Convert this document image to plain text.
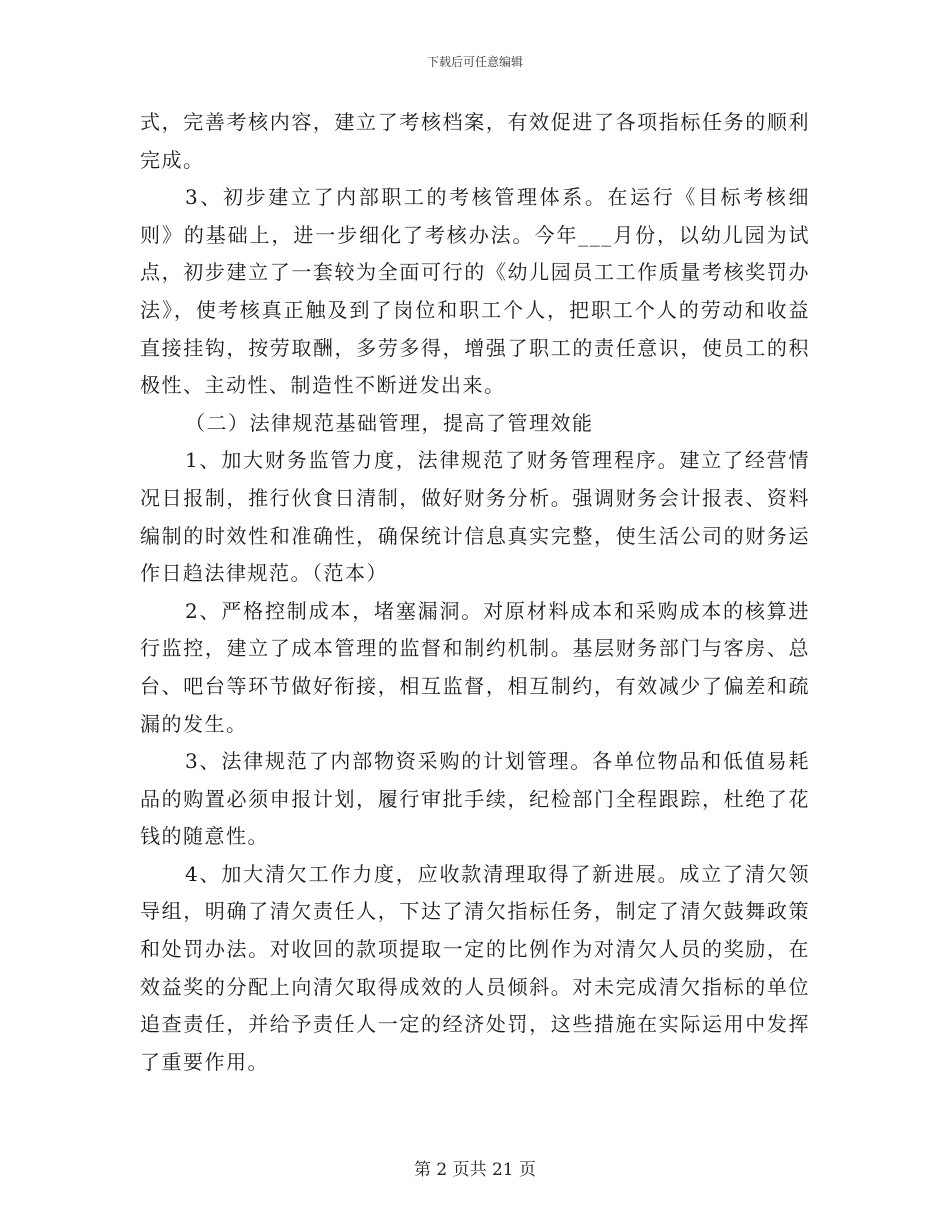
下载后可任意编辑

式，完善考核内容，建立了考核档案，有效促进了各项指标任务的顺利完成。

3、初步建立了内部职工的考核管理体系。在运行《目标考核细则》的基础上，进一步细化了考核办法。今年___月份，以幼儿园为试点，初步建立了一套较为全面可行的《幼儿园员工工作质量考核奖罚办法》，使考核真正触及到了岗位和职工个人，把职工个人的劳动和收益直接挂钩，按劳取酬，多劳多得，增强了职工的责任意识，使员工的积极性、主动性、制造性不断迸发出来。

（二）法律规范基础管理，提高了管理效能

1、加大财务监管力度，法律规范了财务管理程序。建立了经营情况日报制，推行伙食日清制，做好财务分析。强调财务会计报表、资料编制的时效性和准确性，确保统计信息真实完整，使生活公司的财务运作日趋法律规范。（范本）

2、严格控制成本，堵塞漏洞。对原材料成本和采购成本的核算进行监控，建立了成本管理的监督和制约机制。基层财务部门与客房、总台、吧台等环节做好衔接，相互监督，相互制约，有效减少了偏差和疏漏的发生。

3、法律规范了内部物资采购的计划管理。各单位物品和低值易耗品的购置必须申报计划，履行审批手续，纪检部门全程跟踪，杜绝了花钱的随意性。

4、加大清欠工作力度，应收款清理取得了新进展。成立了清欠领导组，明确了清欠责任人，下达了清欠指标任务，制定了清欠鼓舞政策和处罚办法。对收回的款项提取一定的比例作为对清欠人员的奖励，在效益奖的分配上向清欠取得成效的人员倾斜。对未完成清欠指标的单位追查责任，并给予责任人一定的经济处罚，这些措施在实际运用中发挥了重要作用。

第 2 页共 21 页
